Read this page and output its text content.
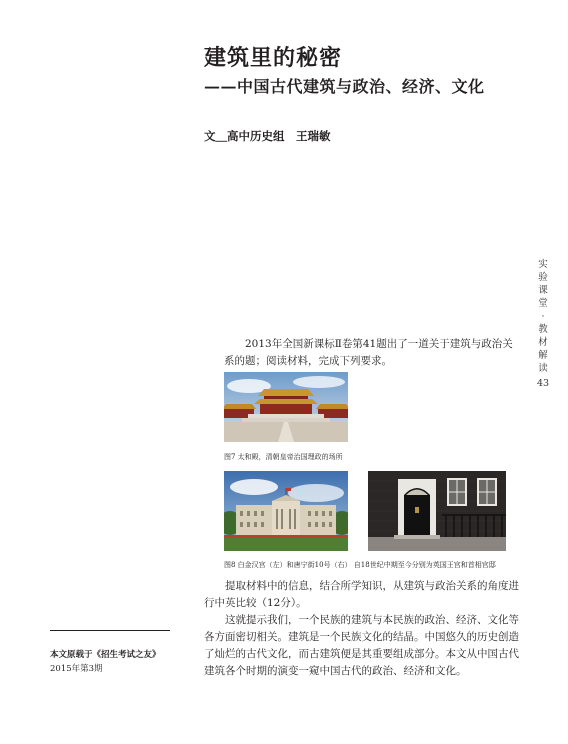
建筑里的秘密
——中国古代建筑与政治、经济、文化
文＿高中历史组　王瑞敏
实
验
课
堂
·
教
材
解
读
43

2013年全国新课标Ⅱ卷第41题出了一道关于建筑与政治关系的题；阅读材料，完成下列要求。

图7 太和殿，清朝皇帝治国理政的场所
图8 白金汉宫（左）和唐宁街10号（右） 自18世纪中期至今分别为英国王宫和首相官邸

提取材料中的信息，结合所学知识，从建筑与政治关系的角度进行中英比较（12分）。

这就提示我们，一个民族的建筑与本民族的政治、经济、文化等各方面密切相关。建筑是一个民族文化的结晶。中国悠久的历史创造了灿烂的古代文化，而古建筑便是其重要组成部分。本文从中国古代建筑各个时期的演变一窥中国古代的政治、经济和文化。

本文原载于《招生考试之友》
2015年第3期
